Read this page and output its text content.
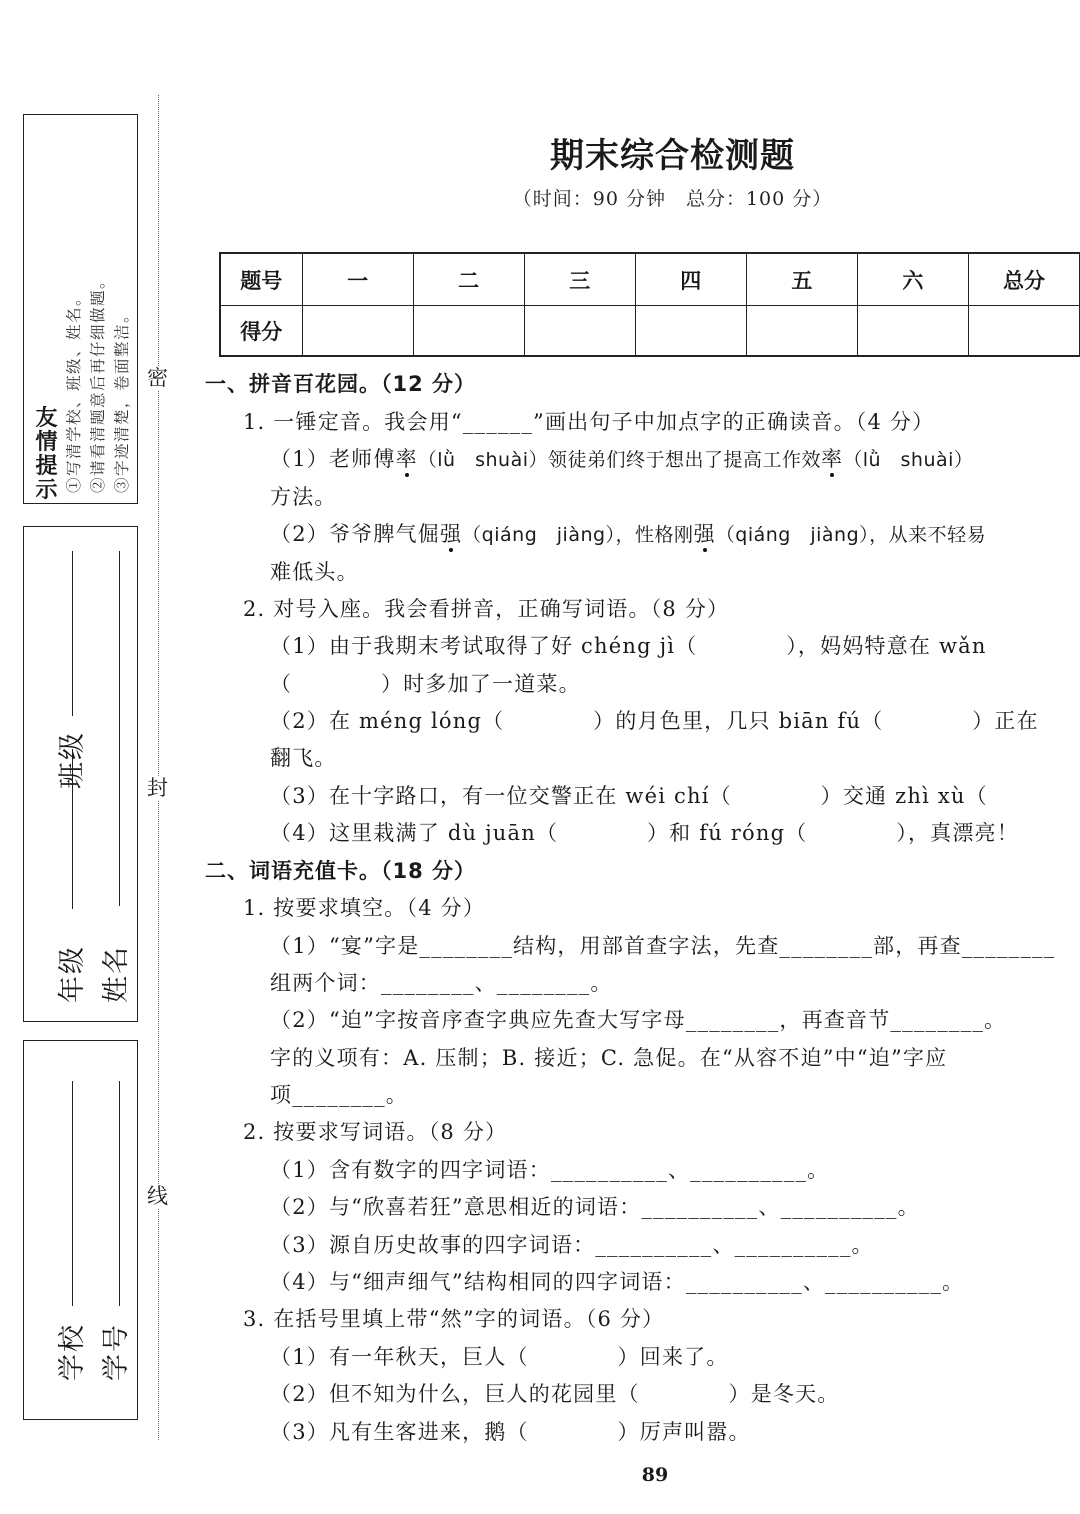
友
情
提
示 ①写清学校、班级、姓名。 ②请看清题意后再仔细做题。 ③字迹清楚，卷面整洁。
年级
班级
姓名
学校 学号
密
封
线
期末综合检测题
（时间：90 分钟　总分：100 分）
题号	一	二	三	四	五	六	总分
得分							
一、拼音百花园。（12 分）
1. 一锤定音。我会用“______”画出句子中加点字的正确读音。（4 分）
（1）老师傅率（lǜ　shuài）领徒弟们终于想出了提高工作效率（lǜ　shuài）
方法。
（2）爷爷脾气倔强（qiáng　jiàng），性格刚强（qiáng　jiàng），从来不轻易
难低头。
2. 对号入座。我会看拼音，正确写词语。（8 分）
（1）由于我期末考试取得了好 chéng jì（　　　　），妈妈特意在 wǎn
（　　　　）时多加了一道菜。
（2）在 méng lóng（　　　　）的月色里，几只 biān fú（　　　　）正在
翻飞。
（3）在十字路口，有一位交警正在 wéi chí（　　　　）交通 zhì xù（
（4）这里栽满了 dù juān（　　　　）和 fú róng（　　　　），真漂亮！
二、词语充值卡。（18 分）
1. 按要求填空。（4 分）
（1）“宴”字是________结构，用部首查字法，先查________部，再查________
组两个词：________、________。
（2）“迫”字按音序查字典应先查大写字母________，再查音节________。
字的义项有：A. 压制；B. 接近；C. 急促。在“从容不迫”中“迫”字应
项________。
2. 按要求写词语。（8 分）
（1）含有数字的四字词语：__________、__________。
（2）与“欣喜若狂”意思相近的词语：__________、__________。
（3）源自历史故事的四字词语：__________、__________。
（4）与“细声细气”结构相同的四字词语：__________、__________。
3. 在括号里填上带“然”字的词语。（6 分）
（1）有一年秋天，巨人（　　　　）回来了。
（2）但不知为什么，巨人的花园里（　　　　）是冬天。
（3）凡有生客进来，鹅（　　　　）厉声叫嚣。
89
